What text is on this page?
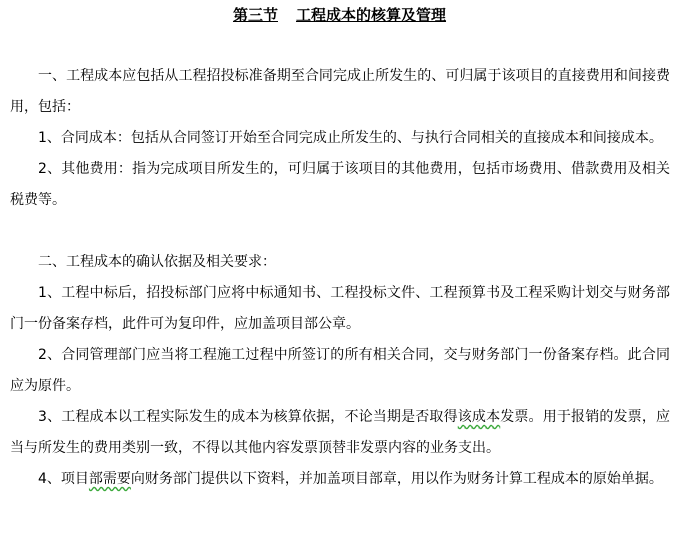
第三节 工程成本的核算及管理

一、工程成本应包括从工程招投标准备期至合同完成止所发生的、可归属于该项目的直接费用和间接费用，包括：

1、合同成本：包括从合同签订开始至合同完成止所发生的、与执行合同相关的直接成本和间接成本。

2、其他费用：指为完成项目所发生的，可归属于该项目的其他费用，包括市场费用、借款费用及相关税费等。

二、工程成本的确认依据及相关要求：

1、工程中标后，招投标部门应将中标通知书、工程投标文件、工程预算书及工程采购计划交与财务部门一份备案存档，此件可为复印件，应加盖项目部公章。

2、合同管理部门应当将工程施工过程中所签订的所有相关合同，交与财务部门一份备案存档。此合同应为原件。

3、工程成本以工程实际发生的成本为核算依据，不论当期是否取得该成本发票。用于报销的发票，应当与所发生的费用类别一致，不得以其他内容发票顶替非发票内容的业务支出。

4、项目部需要向财务部门提供以下资料，并加盖项目部章，用以作为财务计算工程成本的原始单据。
